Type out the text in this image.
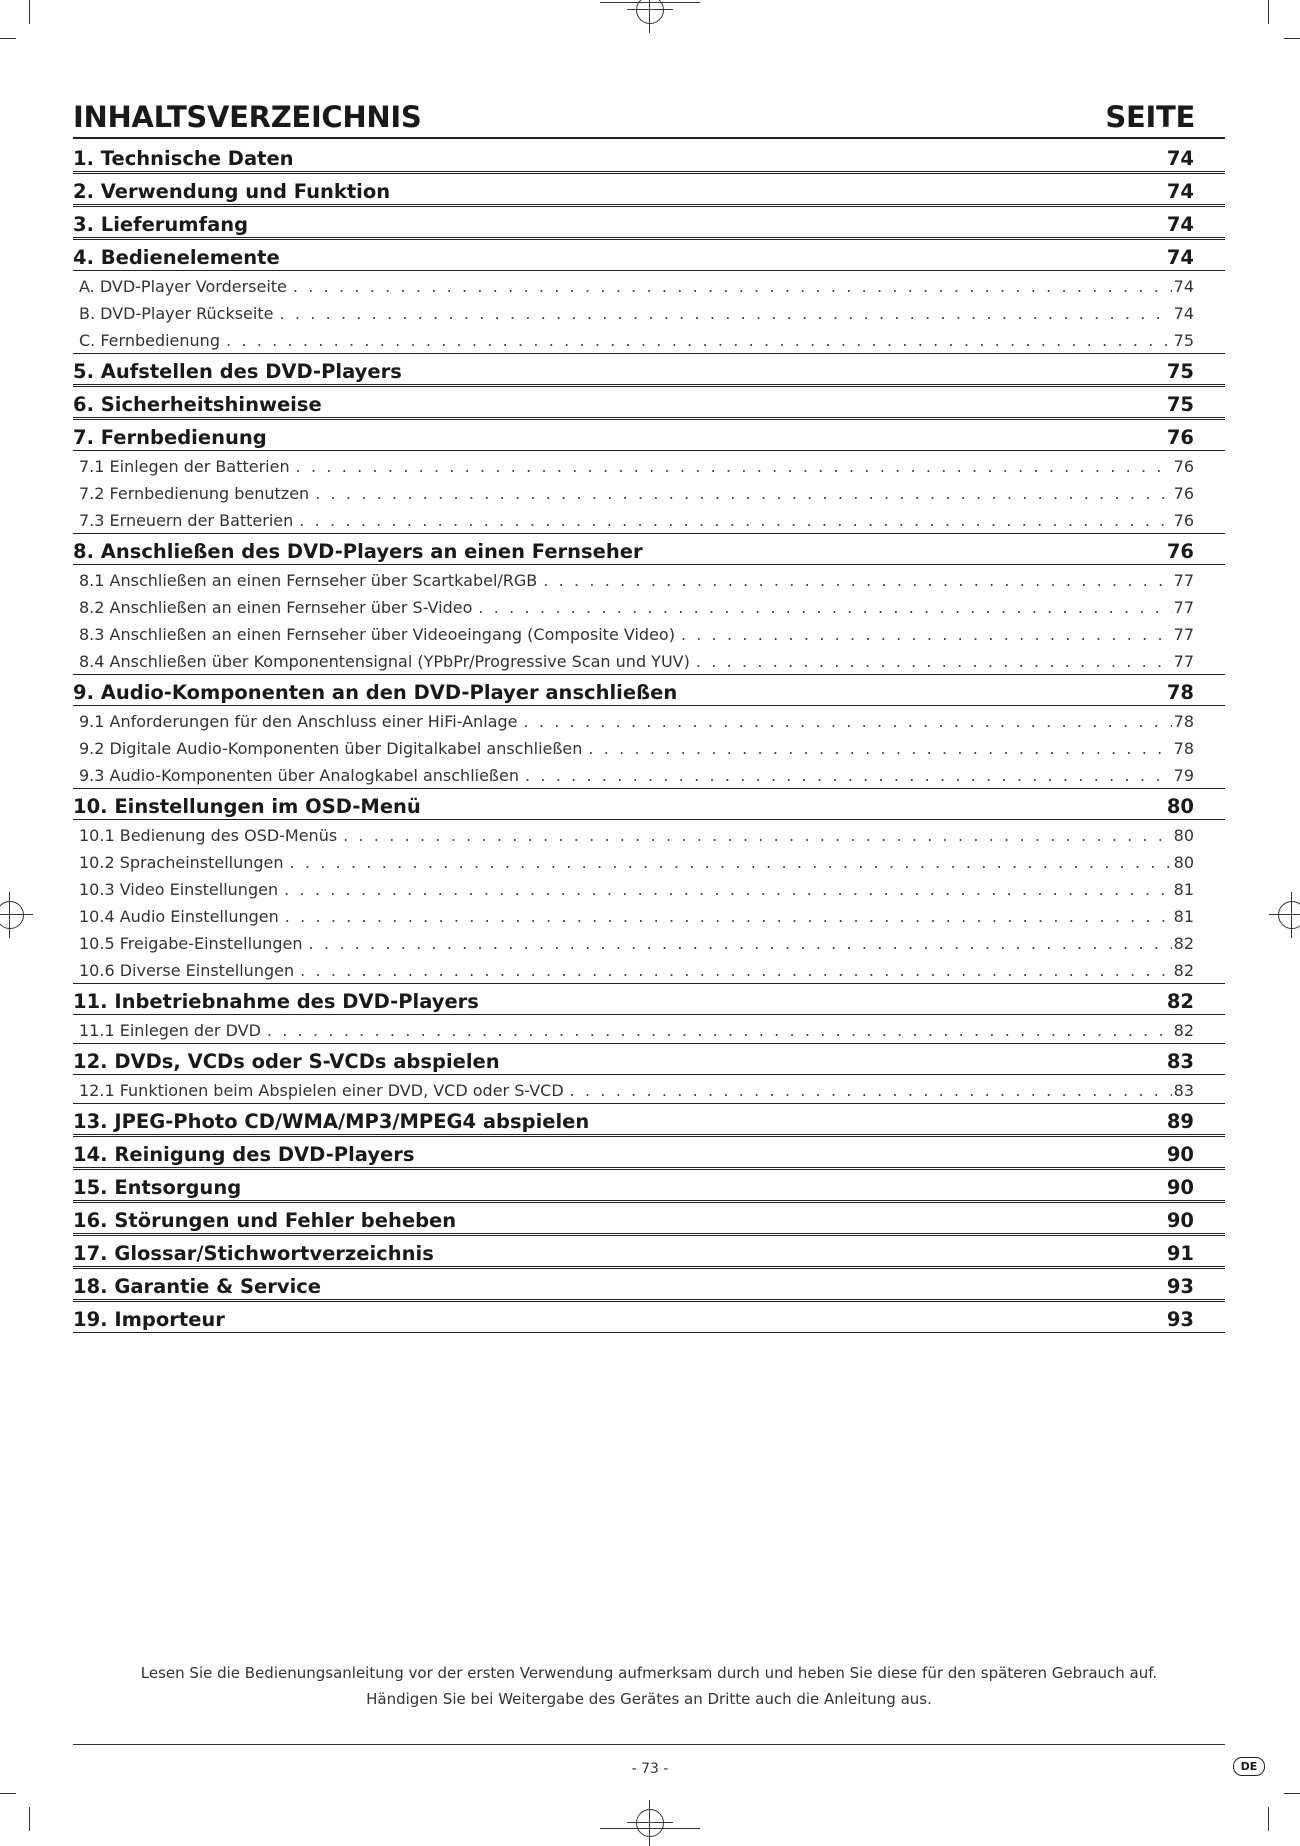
INHALTSVERZEICHNIS	SEITE
1. Technische Daten	74
2. Verwendung und Funktion	74
3. Lieferumfang	74
4. Bedienelemente	74
A. DVD-Player Vorderseite . . .	74
B. DVD-Player Rückseite . . .	74
C. Fernbedienung . . .	75
5. Aufstellen des DVD-Players	75
6. Sicherheitshinweise	75
7. Fernbedienung	76
7.1 Einlegen der Batterien . . .	76
7.2 Fernbedienung benutzen . . .	76
7.3 Erneuern der Batterien . . .	76
8. Anschließen des DVD-Players an einen Fernseher	76
8.1 Anschließen an einen Fernseher über Scartkabel/RGB . . .	77
8.2 Anschließen an einen Fernseher über S-Video . . .	77
8.3 Anschließen an einen Fernseher über Videoeingang (Composite Video) . . .	77
8.4 Anschließen über Komponentensignal (YPbPr/Progressive Scan und YUV) . . .	77
9. Audio-Komponenten an den DVD-Player anschließen	78
9.1 Anforderungen für den Anschluss einer HiFi-Anlage . . .	78
9.2 Digitale Audio-Komponenten über Digitalkabel anschließen . . .	78
9.3 Audio-Komponenten über Analogkabel anschließen . . .	79
10. Einstellungen im OSD-Menü	80
10.1 Bedienung des OSD-Menüs . . .	80
10.2 Spracheinstellungen . . .	80
10.3 Video Einstellungen . . .	81
10.4 Audio Einstellungen . . .	81
10.5 Freigabe-Einstellungen . . .	82
10.6 Diverse Einstellungen . . .	82
11. Inbetriebnahme des DVD-Players	82
11.1 Einlegen der DVD . . .	82
12. DVDs, VCDs oder S-VCDs abspielen	83
12.1 Funktionen beim Abspielen einer DVD, VCD oder S-VCD . . .	83
13. JPEG-Photo CD/WMA/MP3/MPEG4 abspielen	89
14. Reinigung des DVD-Players	90
15. Entsorgung	90
16. Störungen und Fehler beheben	90
17. Glossar/Stichwortverzeichnis	91
18. Garantie & Service	93
19. Importeur	93
Lesen Sie die Bedienungsanleitung vor der ersten Verwendung aufmerksam durch und heben Sie diese für den späteren Gebrauch auf.
Händigen Sie bei Weitergabe des Gerätes an Dritte auch die Anleitung aus.
- 73 -	DE
